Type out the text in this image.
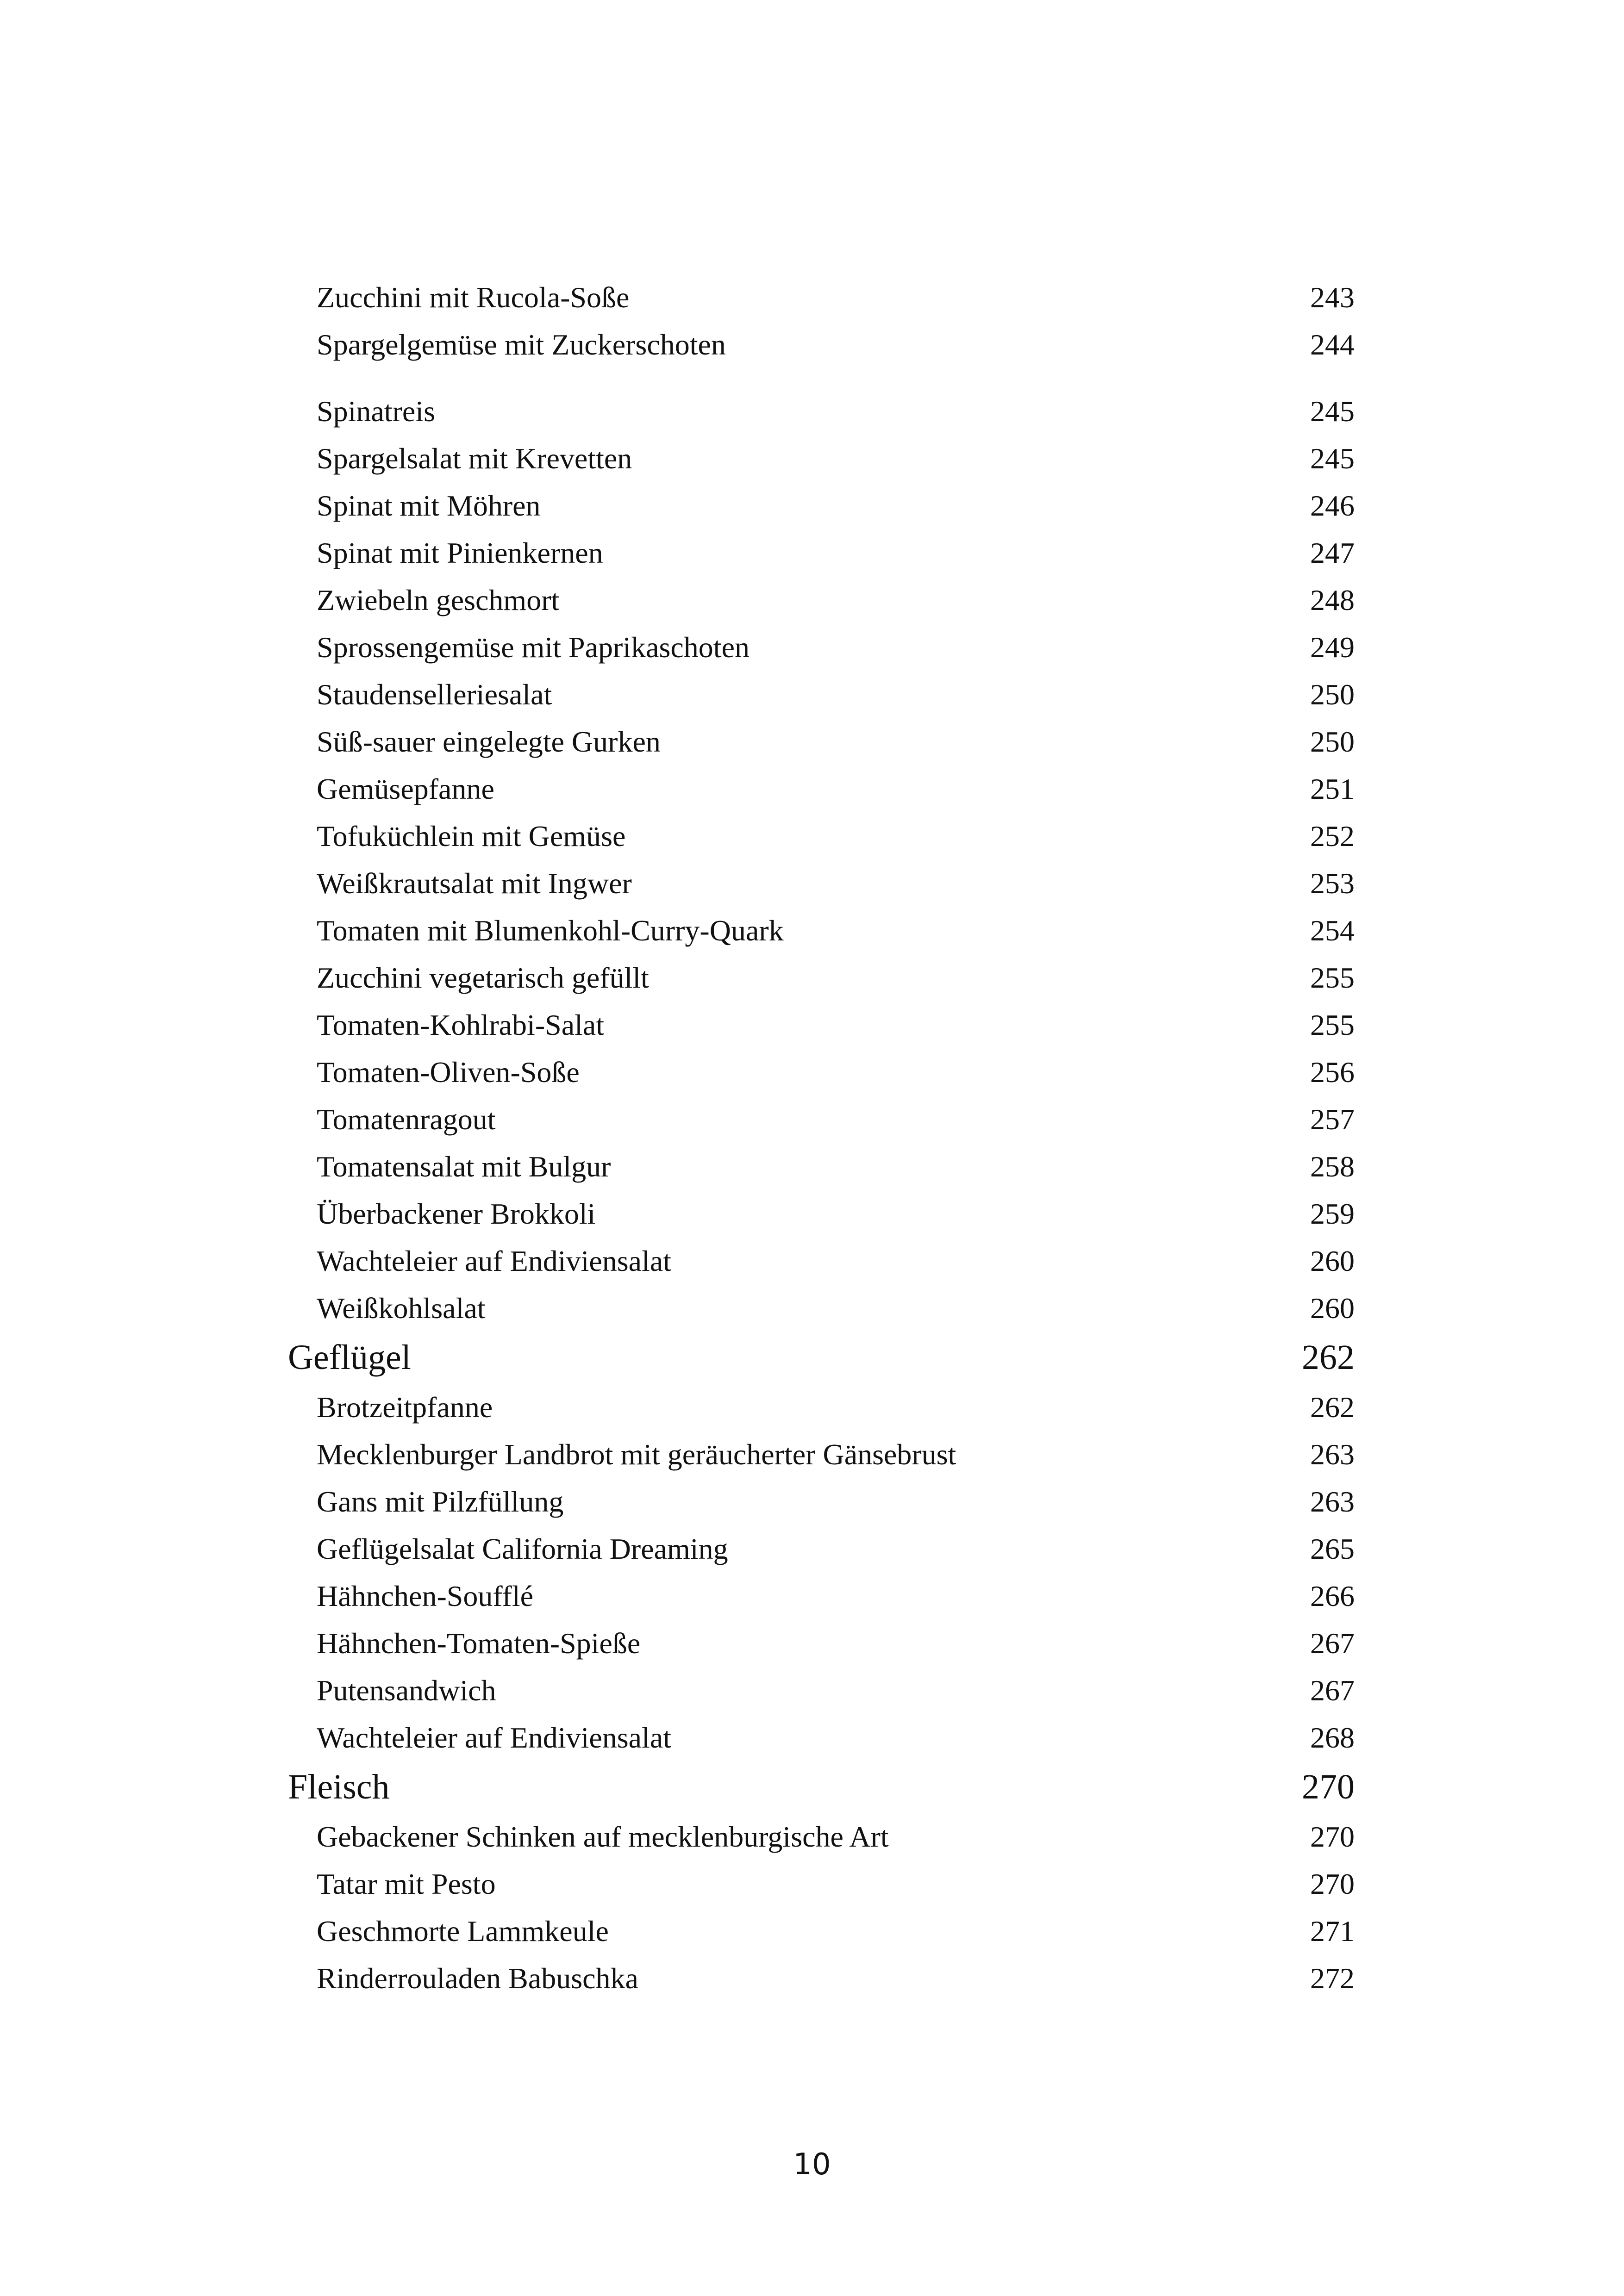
Zucchini mit Rucola-Soße	243
Spargelgemüse mit Zuckerschoten	244
Spinatreis	245
Spargelsalat mit Krevetten	245
Spinat mit Möhren	246
Spinat mit Pinienkernen	247
Zwiebeln geschmort	248
Sprossengemüse mit Paprikaschoten	249
Staudenselleriesalat	250
Süß-sauer eingelegte Gurken	250
Gemüsepfanne	251
Tofuküchlein mit Gemüse	252
Weißkrautsalat mit Ingwer	253
Tomaten mit Blumenkohl-Curry-Quark	254
Zucchini vegetarisch gefüllt	255
Tomaten-Kohlrabi-Salat	255
Tomaten-Oliven-Soße	256
Tomatenragout	257
Tomatensalat mit Bulgur	258
Überbackener Brokkoli	259
Wachteleier auf Endiviensalat	260
Weißkohlsalat	260
Geflügel	262
Brotzeitpfanne	262
Mecklenburger Landbrot mit geräucherter Gänsebrust	263
Gans mit Pilzfüllung	263
Geflügelsalat California Dreaming	265
Hähnchen-Soufflé	266
Hähnchen-Tomaten-Spieße	267
Putensandwich	267
Wachteleier auf Endiviensalat	268
Fleisch	270
Gebackener Schinken auf mecklenburgische Art	270
Tatar mit Pesto	270
Geschmorte Lammkeule	271
Rinderrouladen Babuschka	272
10
